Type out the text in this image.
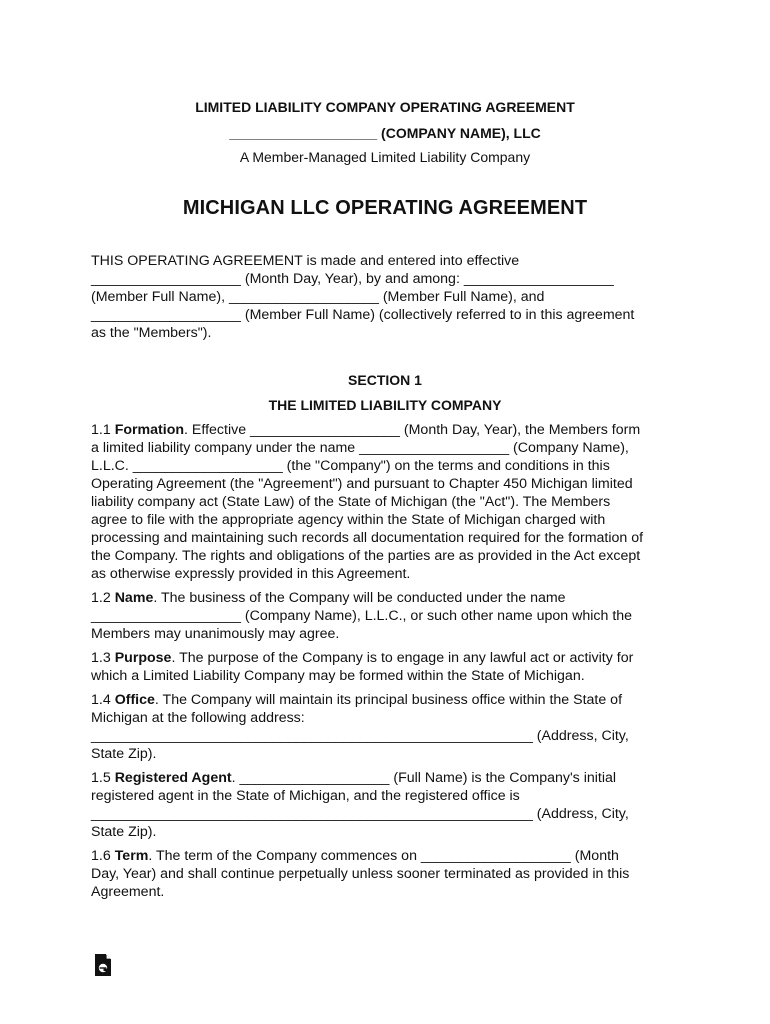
LIMITED LIABILITY COMPANY OPERATING AGREEMENT
___________________ (COMPANY NAME), LLC
A Member-Managed Limited Liability Company
MICHIGAN LLC OPERATING AGREEMENT
THIS OPERATING AGREEMENT is made and entered into effective
___________________ (Month Day, Year), by and among: ___________________
(Member Full Name), ___________________ (Member Full Name), and
___________________ (Member Full Name) (collectively referred to in this agreement
as the "Members").
SECTION 1
THE LIMITED LIABILITY COMPANY
1.1 Formation. Effective ___________________ (Month Day, Year), the Members form
a limited liability company under the name ___________________ (Company Name),
L.L.C. ___________________ (the "Company") on the terms and conditions in this
Operating Agreement (the "Agreement") and pursuant to Chapter 450 Michigan limited
liability company act (State Law) of the State of Michigan (the "Act"). The Members
agree to file with the appropriate agency within the State of Michigan charged with
processing and maintaining such records all documentation required for the formation of
the Company. The rights and obligations of the parties are as provided in the Act except
as otherwise expressly provided in this Agreement.
1.2 Name. The business of the Company will be conducted under the name
___________________ (Company Name), L.L.C., or such other name upon which the
Members may unanimously may agree.
1.3 Purpose. The purpose of the Company is to engage in any lawful act or activity for
which a Limited Liability Company may be formed within the State of Michigan.
1.4 Office. The Company will maintain its principal business office within the State of
Michigan at the following address:
________________________________________________________ (Address, City,
State Zip).
1.5 Registered Agent. ___________________ (Full Name) is the Company's initial
registered agent in the State of Michigan, and the registered office is
________________________________________________________ (Address, City,
State Zip).
1.6 Term. The term of the Company commences on ___________________ (Month
Day, Year) and shall continue perpetually unless sooner terminated as provided in this
Agreement.
